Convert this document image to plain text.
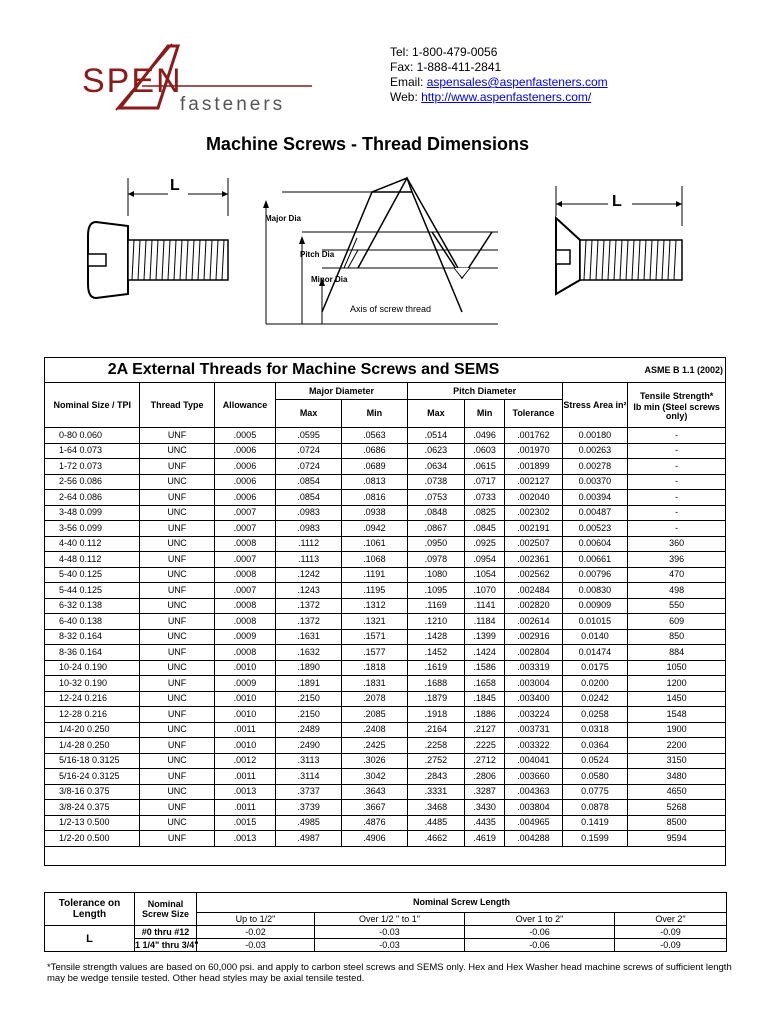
SPEN
fasteners
Tel: 1-800-479-0056
Fax: 1-888-411-2841
Email: aspensales@aspenfasteners.com
Web: http://www.aspenfasteners.com/
Machine Screws - Thread Dimensions
L
Major Dia
Pitch Dia
Minor Dia
Axis of screw thread
L
2A External Threads for Machine Screws and SEMS								ASME B 1.1 (2002)	
Nominal Size / TPI	Thread Type	Allowance	Major Diameter		Pitch Diameter			Stress Area in²	Tensile Strength*
lb min (Steel screws only)

			Max	Min	Max	Min	Tolerance		
0-80 0.060	UNF	.0005	.0595	.0563	.0514	.0496	.001762	0.00180	-
1-64 0.073	UNC	.0006	.0724	.0686	.0623	.0603	.001970	0.00263	-
1-72 0.073	UNF	.0006	.0724	.0689	.0634	.0615	.001899	0.00278	-
2-56 0.086	UNC	.0006	.0854	.0813	.0738	.0717	.002127	0.00370	-
2-64 0.086	UNF	.0006	.0854	.0816	.0753	.0733	.002040	0.00394	-
3-48 0.099	UNC	.0007	.0983	.0938	.0848	.0825	.002302	0.00487	-
3-56 0.099	UNF	.0007	.0983	.0942	.0867	.0845	.002191	0.00523	-
4-40 0.112	UNC	.0008	.1112	.1061	.0950	.0925	.002507	0.00604	360
4-48 0.112	UNF	.0007	.1113	.1068	.0978	.0954	.002361	0.00661	396
5-40 0.125	UNC	.0008	.1242	.1191	.1080	.1054	.002562	0.00796	470
5-44 0.125	UNF	.0007	.1243	.1195	.1095	.1070	.002484	0.00830	498
6-32 0.138	UNC	.0008	.1372	.1312	.1169	.1141	.002820	0.00909	550
6-40 0.138	UNF	.0008	.1372	.1321	.1210	.1184	.002614	0.01015	609
8-32 0.164	UNC	.0009	.1631	.1571	.1428	.1399	.002916	0.0140	850
8-36 0.164	UNF	.0008	.1632	.1577	.1452	.1424	.002804	0.01474	884
10-24 0.190	UNC	.0010	.1890	.1818	.1619	.1586	.003319	0.0175	1050
10-32 0.190	UNF	.0009	.1891	.1831	.1688	.1658	.003004	0.0200	1200
12-24 0.216	UNC	.0010	.2150	.2078	.1879	.1845	.003400	0.0242	1450
12-28 0.216	UNF	.0010	.2150	.2085	.1918	.1886	.003224	0.0258	1548
1/4-20 0.250	UNC	.0011	.2489	.2408	.2164	.2127	.003731	0.0318	1900
1/4-28 0.250	UNF	.0010	.2490	.2425	.2258	.2225	.003322	0.0364	2200
5/16-18 0.3125	UNC	.0012	.3113	.3026	.2752	.2712	.004041	0.0524	3150
5/16-24 0.3125	UNF	.0011	.3114	.3042	.2843	.2806	.003660	0.0580	3480
3/8-16 0.375	UNC	.0013	.3737	.3643	.3331	.3287	.004363	0.0775	4650
3/8-24 0.375	UNF	.0011	.3739	.3667	.3468	.3430	.003804	0.0878	5268
1/2-13 0.500	UNC	.0015	.4985	.4876	.4485	.4435	.004965	0.1419	8500
1/2-20 0.500	UNF	.0013	.4987	.4906	.4662	.4619	.004288	0.1599	9594

Tolerance on Length	Nominal Screw Size	Nominal Screw Length			
		Up to 1/2"	Over 1/2 " to 1"	Over 1 to 2"	Over 2"
L	#0 thru #12	-0.02	-0.03	-0.06	-0.09
	1 1/4" thru 3/4"	-0.03	-0.03	-0.06	-0.09
*Tensile strength values are based on 60,000 psi. and apply to carbon steel screws and SEMS only. Hex and Hex Washer head machine screws of sufficient length may be wedge tensile tested. Other head styles may be axial tensile tested.
